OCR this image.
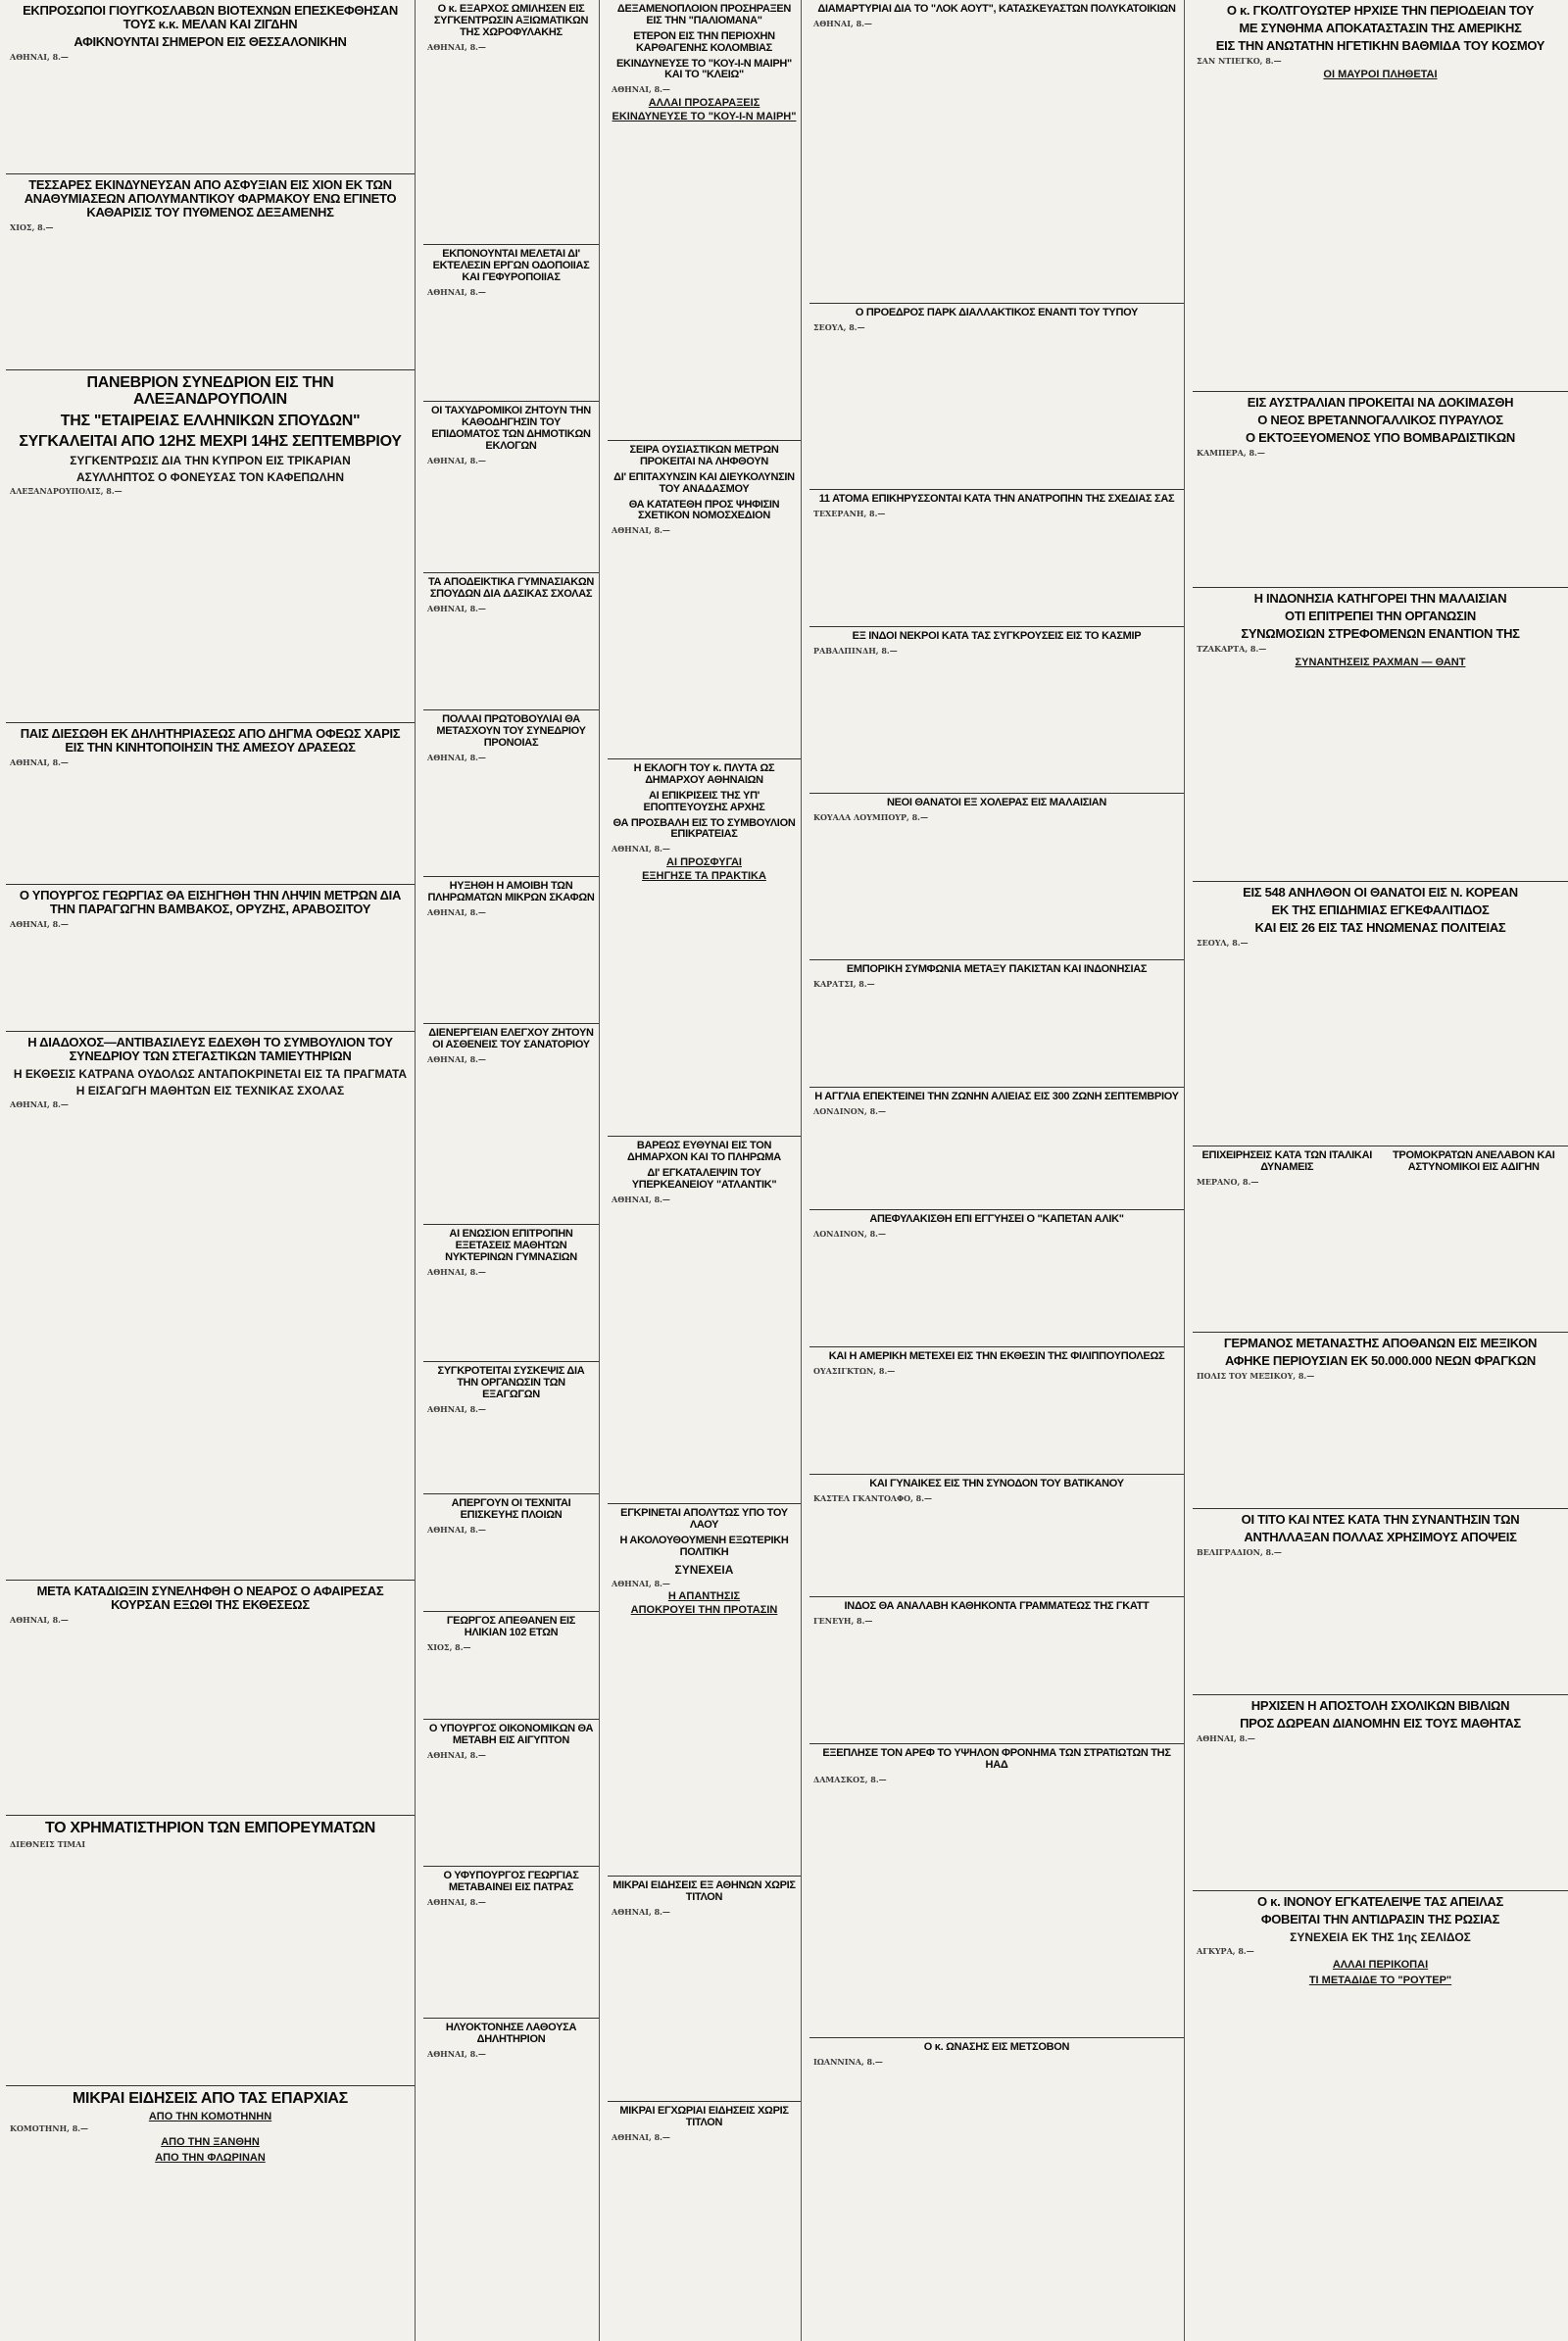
ΕΚΠΡΟΣΩΠΟΙ ΓΙΟΥΓΚΟΣΛΑΒΩΝ ΒΙΟΤΕΧΝΩΝ ΕΠΕΣΚΕΦΘΗΣΑΝ ΤΟΥΣ κ.κ. ΜΕΛΑΝ ΚΑΙ ΖΙΓΔΗΝ
ΑΦΙΚΝΟΥΝΤΑΙ ΣΗΜΕΡΟΝ ΕΙΣ ΘΕΣΣΑΛΟΝΙΚΗΝ
ΑΘΗΝΑΙ, 8.—
ΤΕΣΣΑΡΕΣ ΕΚΙΝΔΥΝΕΥΣΑΝ ΑΠΟ ΑΣΦΥΞΙΑΝ ΕΙΣ ΧΙΟΝ ΕΚ ΤΩΝ ΑΝΑΘΥΜΙΑΣΕΩΝ ΑΠΟΛΥΜΑΝΤΙΚΟΥ ΦΑΡΜΑΚΟΥ ΕΝΩ ΕΓΙΝΕΤΟ ΚΑΘΑΡΙΣΙΣ ΤΟΥ ΠΥΘΜΕΝΟΣ ΔΕΞΑΜΕΝΗΣ
ΧΙΟΣ, 8.—
ΠΑΝΕΒΡΙΟΝ ΣΥΝΕΔΡΙΟΝ ΕΙΣ ΤΗΝ ΑΛΕΞΑΝΔΡΟΥΠΟΛΙΝ
ΤΗΣ "ΕΤΑΙΡΕΙΑΣ ΕΛΛΗΝΙΚΩΝ ΣΠΟΥΔΩΝ"
ΣΥΓΚΑΛΕΙΤΑΙ ΑΠΟ 12ΗΣ ΜΕΧΡΙ 14ΗΣ ΣΕΠΤΕΜΒΡΙΟΥ
ΣΥΓΚΕΝΤΡΩΣΙΣ ΔΙΑ ΤΗΝ ΚΥΠΡΟΝ ΕΙΣ ΤΡΙΚΑΡΙΑΝ
ΑΣΥΛΛΗΠΤΟΣ Ο ΦΟΝΕΥΣΑΣ ΤΟΝ ΚΑΦΕΠΩΛΗΝ
ΑΛΕΞΑΝΔΡΟΥΠΟΛΙΣ, 8.—
ΠΑΙΣ ΔΙΕΣΩΘΗ ΕΚ ΔΗΛΗΤΗΡΙΑΣΕΩΣ ΑΠΟ ΔΗΓΜΑ ΟΦΕΩΣ ΧΑΡΙΣ ΕΙΣ ΤΗΝ ΚΙΝΗΤΟΠΟΙΗΣΙΝ ΤΗΣ ΑΜΕΣΟΥ ΔΡΑΣΕΩΣ
ΑΘΗΝΑΙ, 8.—
Ο ΥΠΟΥΡΓΟΣ ΓΕΩΡΓΙΑΣ ΘΑ ΕΙΣΗΓΗΘΗ ΤΗΝ ΛΗΨΙΝ ΜΕΤΡΩΝ ΔΙΑ ΤΗΝ ΠΑΡΑΓΩΓΗΝ ΒΑΜΒΑΚΟΣ, ΟΡΥΖΗΣ, ΑΡΑΒΟΣΙΤΟΥ
ΑΘΗΝΑΙ, 8.—
Η ΔΙΑΔΟΧΟΣ—ΑΝΤΙΒΑΣΙΛΕΥΣ ΕΔΕΧΘΗ ΤΟ ΣΥΜΒΟΥΛΙΟΝ ΤΟΥ ΣΥΝΕΔΡΙΟΥ ΤΩΝ ΣΤΕΓΑΣΤΙΚΩΝ ΤΑΜΙΕΥΤΗΡΙΩΝ
Η ΕΚΘΕΣΙΣ ΚΑΤΡΑΝΑ ΟΥΔΟΛΩΣ ΑΝΤΑΠΟΚΡΙΝΕΤΑΙ ΕΙΣ ΤΑ ΠΡΑΓΜΑΤΑ
Η ΕΙΣΑΓΩΓΗ ΜΑΘΗΤΩΝ ΕΙΣ ΤΕΧΝΙΚΑΣ ΣΧΟΛΑΣ
ΑΘΗΝΑΙ, 8.—
ΜΕΤΑ ΚΑΤΑΔΙΩΞΙΝ ΣΥΝΕΛΗΦΘΗ Ο ΝΕΑΡΟΣ Ο ΑΦΑΙΡΕΣΑΣ ΚΟΥΡΣΑΝ ΕΞΩΘΙ ΤΗΣ ΕΚΘΕΣΕΩΣ
ΑΘΗΝΑΙ, 8.—
ΤΟ ΧΡΗΜΑΤΙΣΤΗΡΙΟΝ ΤΩΝ ΕΜΠΟΡΕΥΜΑΤΩΝ
ΔΙΕΘΝΕΙΣ ΤΙΜΑΙ
ΜΙΚΡΑΙ ΕΙΔΗΣΕΙΣ ΑΠΟ ΤΑΣ ΕΠΑΡΧΙΑΣ
ΑΠΟ ΤΗΝ ΚΟΜΟΤΗΝΗΝ
ΚΟΜΟΤΗΝΗ, 8.—
ΑΠΟ ΤΗΝ ΞΑΝΘΗΝ
ΑΠΟ ΤΗΝ ΦΛΩΡΙΝΑΝ
Ο κ. ΕΞΑΡΧΟΣ ΩΜΙΛΗΣΕΝ ΕΙΣ ΣΥΓΚΕΝΤΡΩΣΙΝ ΑΞΙΩΜΑΤΙΚΩΝ ΤΗΣ ΧΩΡΟΦΥΛΑΚΗΣ
ΑΘΗΝΑΙ, 8.—
ΕΚΠΟΝΟΥΝΤΑΙ ΜΕΛΕΤΑΙ ΔΙ' ΕΚΤΕΛΕΣΙΝ ΕΡΓΩΝ ΟΔΟΠΟΙΙΑΣ ΚΑΙ ΓΕΦΥΡΟΠΟΙΙΑΣ
ΑΘΗΝΑΙ, 8.—
ΟΙ ΤΑΧΥΔΡΟΜΙΚΟΙ ΖΗΤΟΥΝ ΤΗΝ ΚΑΘΟΔΗΓΗΣΙΝ ΤΟΥ ΕΠΙΔΟΜΑΤΟΣ ΤΩΝ ΔΗΜΟΤΙΚΩΝ ΕΚΛΟΓΩΝ
ΑΘΗΝΑΙ, 8.—
ΤΑ ΑΠΟΔΕΙΚΤΙΚΑ ΓΥΜΝΑΣΙΑΚΩΝ ΣΠΟΥΔΩΝ ΔΙΑ ΔΑΣΙΚΑΣ ΣΧΟΛΑΣ
ΑΘΗΝΑΙ, 8.—
ΠΟΛΛΑΙ ΠΡΩΤΟΒΟΥΛΙΑΙ ΘΑ ΜΕΤΑΣΧΟΥΝ ΤΟΥ ΣΥΝΕΔΡΙΟΥ ΠΡΟΝΟΙΑΣ
ΑΘΗΝΑΙ, 8.—
ΗΥΞΗΘΗ Η ΑΜΟΙΒΗ ΤΩΝ ΠΛΗΡΩΜΑΤΩΝ ΜΙΚΡΩΝ ΣΚΑΦΩΝ
ΑΘΗΝΑΙ, 8.—
ΔΙΕΝΕΡΓΕΙΑΝ ΕΛΕΓΧΟΥ ΖΗΤΟΥΝ ΟΙ ΑΣΘΕΝΕΙΣ ΤΟΥ ΣΑΝΑΤΟΡΙΟΥ
ΑΘΗΝΑΙ, 8.—
ΑΙ ΕΝΩΣΙΟΝ ΕΠΙΤΡΟΠΗΝ ΕΞΕΤΑΣΕΙΣ ΜΑΘΗΤΩΝ ΝΥΚΤΕΡΙΝΩΝ ΓΥΜΝΑΣΙΩΝ
ΑΘΗΝΑΙ, 8.—
ΣΥΓΚΡΟΤΕΙΤΑΙ ΣΥΣΚΕΨΙΣ ΔΙΑ ΤΗΝ ΟΡΓΑΝΩΣΙΝ ΤΩΝ ΕΞΑΓΩΓΩΝ
ΑΘΗΝΑΙ, 8.—
ΑΠΕΡΓΟΥΝ ΟΙ ΤΕΧΝΙΤΑΙ ΕΠΙΣΚΕΥΗΣ ΠΛΟΙΩΝ
ΑΘΗΝΑΙ, 8.—
ΓΕΩΡΓΟΣ ΑΠΕΘΑΝΕΝ ΕΙΣ ΗΛΙΚΙΑΝ 102 ΕΤΩΝ
ΧΙΟΣ, 8.—
Ο ΥΠΟΥΡΓΟΣ ΟΙΚΟΝΟΜΙΚΩΝ ΘΑ ΜΕΤΑΒΗ ΕΙΣ ΑΙΓΥΠΤΟΝ
ΑΘΗΝΑΙ, 8.—
Ο ΥΦΥΠΟΥΡΓΟΣ ΓΕΩΡΓΙΑΣ ΜΕΤΑΒΑΙΝΕΙ ΕΙΣ ΠΑΤΡΑΣ
ΑΘΗΝΑΙ, 8.—
ΗΛΥΟΚΤΟΝΗΣΕ ΛΑΘΟΥΣΑ ΔΗΛΗΤΗΡΙΟΝ
ΑΘΗΝΑΙ, 8.—
ΔΕΞΑΜΕΝΟΠΛΟΙΟΝ ΠΡΟΣΗΡΑΞΕΝ ΕΙΣ ΤΗΝ "ΠΑΛΙΟΜΑΝΑ"
ΕΤΕΡΟΝ ΕΙΣ ΤΗΝ ΠΕΡΙΟΧΗΝ ΚΑΡΘΑΓΕΝΗΣ ΚΟΛΟΜΒΙΑΣ
ΕΚΙΝΔΥΝΕΥΣΕ ΤΟ "ΚΟΥ-Ι-Ν ΜΑΙΡΗ" ΚΑΙ ΤΟ "ΚΛΕΙΩ"
ΑΘΗΝΑΙ, 8.—
ΑΛΛΑΙ ΠΡΟΣΑΡΑΞΕΙΣ
ΕΚΙΝΔΥΝΕΥΣΕ ΤΟ "ΚΟΥ-Ι-Ν ΜΑΙΡΗ"
ΣΕΙΡΑ ΟΥΣΙΑΣΤΙΚΩΝ ΜΕΤΡΩΝ ΠΡΟΚΕΙΤΑΙ ΝΑ ΛΗΦΘΟΥΝ
ΔΙ' ΕΠΙΤΑΧΥΝΣΙΝ ΚΑΙ ΔΙΕΥΚΟΛΥΝΣΙΝ ΤΟΥ ΑΝΑΔΑΣΜΟΥ
ΘΑ ΚΑΤΑΤΕΘΗ ΠΡΟΣ ΨΗΦΙΣΙΝ ΣΧΕΤΙΚΟΝ ΝΟΜΟΣΧΕΔΙΟΝ
ΑΘΗΝΑΙ, 8.—
Η ΕΚΛΟΓΗ ΤΟΥ κ. ΠΛΥΤΑ ΩΣ ΔΗΜΑΡΧΟΥ ΑΘΗΝΑΙΩΝ
ΑΙ ΕΠΙΚΡΙΣΕΙΣ ΤΗΣ ΥΠ' ΕΠΟΠΤΕΥΟΥΣΗΣ ΑΡΧΗΣ
ΘΑ ΠΡΟΣΒΑΛΗ ΕΙΣ ΤΟ ΣΥΜΒΟΥΛΙΟΝ ΕΠΙΚΡΑΤΕΙΑΣ
ΑΘΗΝΑΙ, 8.—
ΑΙ ΠΡΟΣΦΥΓΑΙ
ΕΞΗΓΗΣΕ ΤΑ ΠΡΑΚΤΙΚΑ
ΒΑΡΕΩΣ ΕΥΘΥΝΑΙ ΕΙΣ ΤΟΝ ΔΗΜΑΡΧΟΝ ΚΑΙ ΤΟ ΠΛΗΡΩΜΑ
ΔΙ' ΕΓΚΑΤΑΛΕΙΨΙΝ ΤΟΥ ΥΠΕΡΚΕΑΝΕΙΟΥ "ΑΤΛΑΝΤΙΚ"
ΑΘΗΝΑΙ, 8.—
ΕΓΚΡΙΝΕΤΑΙ ΑΠΟΛΥΤΩΣ ΥΠΟ ΤΟΥ ΛΑΟΥ
Η ΑΚΟΛΟΥΘΟΥΜΕΝΗ ΕΞΩΤΕΡΙΚΗ ΠΟΛΙΤΙΚΗ
ΣΥΝΕΧΕΙΑ
ΑΘΗΝΑΙ, 8.—
Η ΑΠΑΝΤΗΣΙΣ
ΑΠΟΚΡΟΥΕΙ ΤΗΝ ΠΡΟΤΑΣΙΝ
ΜΙΚΡΑΙ ΕΙΔΗΣΕΙΣ ΕΞ ΑΘΗΝΩΝ ΧΩΡΙΣ ΤΙΤΛΟΝ
ΑΘΗΝΑΙ, 8.—
ΜΙΚΡΑΙ ΕΓΧΩΡΙΑΙ ΕΙΔΗΣΕΙΣ ΧΩΡΙΣ ΤΙΤΛΟΝ
ΑΘΗΝΑΙ, 8.—
ΔΙΑΜΑΡΤΥΡΙΑΙ ΔΙΑ ΤΟ "ΛΟΚ ΑΟΥΤ", ΚΑΤΑΣΚΕΥΑΣΤΩΝ ΠΟΛΥΚΑΤΟΙΚΙΩΝ
ΑΘΗΝΑΙ, 8.—
Ο ΠΡΟΕΔΡΟΣ ΠΑΡΚ ΔΙΑΛΛΑΚΤΙΚΟΣ ΕΝΑΝΤΙ ΤΟΥ ΤΥΠΟΥ
ΣΕΟΥΛ, 8.—
11 ΑΤΟΜΑ ΕΠΙΚΗΡΥΣΣΟΝΤΑΙ ΚΑΤΑ ΤΗΝ ΑΝΑΤΡΟΠΗΝ ΤΗΣ ΣΧΕΔΙΑΣ ΣΑΣ
ΤΕΧΕΡΑΝΗ, 8.—
ΕΞ ΙΝΔΟΙ ΝΕΚΡΟΙ ΚΑΤΑ ΤΑΣ ΣΥΓΚΡΟΥΣΕΙΣ ΕΙΣ ΤΟ ΚΑΣΜΙΡ
ΡΑΒΑΛΠΙΝΔΗ, 8.—
ΝΕΟΙ ΘΑΝΑΤΟΙ ΕΞ ΧΟΛΕΡΑΣ ΕΙΣ ΜΑΛΑΙΣΙΑΝ
ΚΟΥΑΛΑ ΛΟΥΜΠΟΥΡ, 8.—
ΕΜΠΟΡΙΚΗ ΣΥΜΦΩΝΙΑ ΜΕΤΑΞΥ ΠΑΚΙΣΤΑΝ ΚΑΙ ΙΝΔΟΝΗΣΙΑΣ
ΚΑΡΑΤΣΙ, 8.—
Η ΑΓΓΛΙΑ ΕΠΕΚΤΕΙΝΕΙ ΤΗΝ ΖΩΝΗΝ ΑΛΙΕΙΑΣ ΕΙΣ 300 ΖΩΝΗ ΣΕΠΤΕΜΒΡΙΟΥ
ΛΟΝΔΙΝΟΝ, 8.—
ΑΠΕΦΥΛΑΚΙΣΘΗ ΕΠΙ ΕΓΓΥΗΣΕΙ Ο "ΚΑΠΕΤΑΝ ΑΛΙΚ"
ΛΟΝΔΙΝΟΝ, 8.—
ΚΑΙ Η ΑΜΕΡΙΚΗ ΜΕΤΕΧΕΙ ΕΙΣ ΤΗΝ ΕΚΘΕΣΙΝ ΤΗΣ ΦΙΛΙΠΠΟΥΠΟΛΕΩΣ
ΟΥΑΣΙΓΚΤΩΝ, 8.—
ΚΑΙ ΓΥΝΑΙΚΕΣ ΕΙΣ ΤΗΝ ΣΥΝΟΔΟΝ ΤΟΥ ΒΑΤΙΚΑΝΟΥ
ΚΑΣΤΕΛ ΓΚΑΝΤΟΛΦΟ, 8.—
ΙΝΔΟΣ ΘΑ ΑΝΑΛΑΒΗ ΚΑΘΗΚΟΝΤΑ ΓΡΑΜΜΑΤΕΩΣ ΤΗΣ ΓΚΑΤΤ
ΓΕΝΕΥΗ, 8.—
ΕΞΕΠΛΗΣΕ ΤΟΝ ΑΡΕΦ ΤΟ ΥΨΗΛΟΝ ΦΡΟΝΗΜΑ ΤΩΝ ΣΤΡΑΤΙΩΤΩΝ ΤΗΣ ΗΑΔ
ΔΑΜΑΣΚΟΣ, 8.—
Ο κ. ΩΝΑΣΗΣ ΕΙΣ ΜΕΤΣΟΒΟΝ
ΙΩΑΝΝΙΝΑ, 8.—
Ο κ. ΓΚΟΛΤΓΟΥΩΤΕΡ ΗΡΧΙΣΕ ΤΗΝ ΠΕΡΙΟΔΕΙΑΝ ΤΟΥ
ΜΕ ΣΥΝΘΗΜΑ ΑΠΟΚΑΤΑΣΤΑΣΙΝ ΤΗΣ ΑΜΕΡΙΚΗΣ
ΕΙΣ ΤΗΝ ΑΝΩΤΑΤΗΝ ΗΓΕΤΙΚΗΝ ΒΑΘΜΙΔΑ ΤΟΥ ΚΟΣΜΟΥ
ΣΑΝ ΝΤΙΕΓΚΟ, 8.—
ΟΙ ΜΑΥΡΟΙ ΠΛΗΘΕΤΑΙ
ΕΙΣ ΑΥΣΤΡΑΛΙΑΝ ΠΡΟΚΕΙΤΑΙ ΝΑ ΔΟΚΙΜΑΣΘΗ
Ο ΝΕΟΣ ΒΡΕΤΑΝΝΟΓΑΛΛΙΚΟΣ ΠΥΡΑΥΛΟΣ
Ο ΕΚΤΟΞΕΥΟΜΕΝΟΣ ΥΠΟ ΒΟΜΒΑΡΔΙΣΤΙΚΩΝ
ΚΑΜΠΕΡΑ, 8.—
Η ΙΝΔΟΝΗΣΙΑ ΚΑΤΗΓΟΡΕΙ ΤΗΝ ΜΑΛΑΙΣΙΑΝ
ΟΤΙ ΕΠΙΤΡΕΠΕΙ ΤΗΝ ΟΡΓΑΝΩΣΙΝ
ΣΥΝΩΜΟΣΙΩΝ ΣΤΡΕΦΟΜΕΝΩΝ ΕΝΑΝΤΙΟΝ ΤΗΣ
ΤΖΑΚΑΡΤΑ, 8.—
ΣΥΝΑΝΤΗΣΕΙΣ ΡΑΧΜΑΝ — ΘΑΝΤ
ΕΙΣ 548 ΑΝΗΛΘΟΝ ΟΙ ΘΑΝΑΤΟΙ ΕΙΣ Ν. ΚΟΡΕΑΝ
ΕΚ ΤΗΣ ΕΠΙΔΗΜΙΑΣ ΕΓΚΕΦΑΛΙΤΙΔΟΣ
ΚΑΙ ΕΙΣ 26 ΕΙΣ ΤΑΣ ΗΝΩΜΕΝΑΣ ΠΟΛΙΤΕΙΑΣ
ΣΕΟΥΛ, 8.—
ΕΠΙΧΕΙΡΗΣΕΙΣ ΚΑΤΑ ΤΩΝ ΙΤΑΛΙΚΑΙ ΔΥΝΑΜΕΙΣ
ΤΡΟΜΟΚΡΑΤΩΝ ΑΝΕΛΑΒΟΝ ΚΑΙ ΑΣΤΥΝΟΜΙΚΟΙ ΕΙΣ ΑΔΙΓΗΝ
ΜΕΡΑΝΟ, 8.—
ΓΕΡΜΑΝΟΣ ΜΕΤΑΝΑΣΤΗΣ ΑΠΟΘΑΝΩΝ ΕΙΣ ΜΕΞΙΚΟΝ
ΑΦΗΚΕ ΠΕΡΙΟΥΣΙΑΝ ΕΚ 50.000.000 ΝΕΩΝ ΦΡΑΓΚΩΝ
ΠΟΛΙΣ ΤΟΥ ΜΕΞΙΚΟΥ, 8.—
ΟΙ ΤΙΤΟ ΚΑΙ ΝΤΕΣ ΚΑΤΑ ΤΗΝ ΣΥΝΑΝΤΗΣΙΝ ΤΩΝ
ΑΝΤΗΛΛΑΞΑΝ ΠΟΛΛΑΣ ΧΡΗΣΙΜΟΥΣ ΑΠΟΨΕΙΣ
ΒΕΛΙΓΡΑΔΙΟΝ, 8.—
ΗΡΧΙΣΕΝ Η ΑΠΟΣΤΟΛΗ ΣΧΟΛΙΚΩΝ ΒΙΒΛΙΩΝ
ΠΡΟΣ ΔΩΡΕΑΝ ΔΙΑΝΟΜΗΝ ΕΙΣ ΤΟΥΣ ΜΑΘΗΤΑΣ
ΑΘΗΝΑΙ, 8.—
Ο κ. ΙΝΟΝΟΥ ΕΓΚΑΤΕΛΕΙΨΕ ΤΑΣ ΑΠΕΙΛΑΣ
ΦΟΒΕΙΤΑΙ ΤΗΝ ΑΝΤΙΔΡΑΣΙΝ ΤΗΣ ΡΩΣΙΑΣ
ΣΥΝΕΧΕΙΑ ΕΚ ΤΗΣ 1ης ΣΕΛΙΔΟΣ
ΑΓΚΥΡΑ, 8.—
ΑΛΛΑΙ ΠΕΡΙΚΟΠΑΙ
ΤΙ ΜΕΤΑΔΙΔΕ ΤΟ "ΡΟΥΤΕΡ"
